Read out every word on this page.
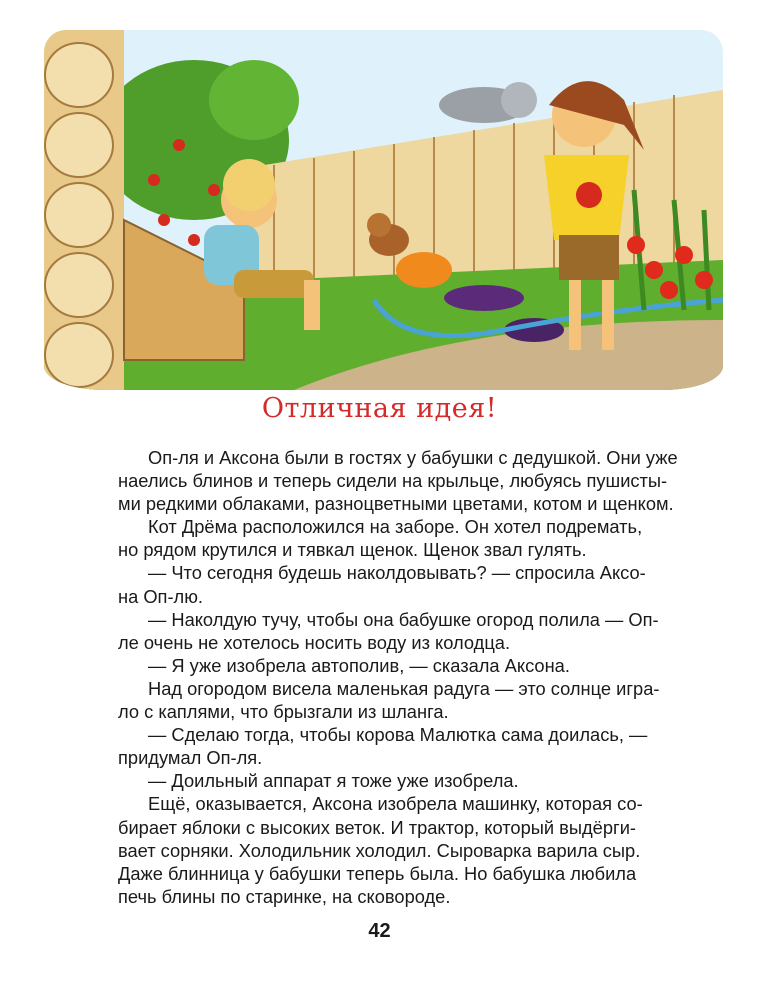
Отличная идея!

Оп-ля и Аксона были в гостях у бабушки с дедушкой. Они уже
наелись блинов и теперь сидели на крыльце, любуясь пушисты-
ми редкими облаками, разноцветными цветами, котом и щенком.

Кот Дрёма расположился на заборе. Он хотел подремать,
но рядом крутился и тявкал щенок. Щенок звал гулять.

— Что сегодня будешь наколдовывать? — спросила Аксо-
на Оп-лю.

— Наколдую тучу, чтобы она бабушке огород полила — Оп-
ле очень не хотелось носить воду из колодца.

— Я уже изобрела автополив, — сказала Аксона.

Над огородом висела маленькая радуга — это солнце игра-
ло с каплями, что брызгали из шланга.

— Сделаю тогда, чтобы корова Малютка сама доилась, —
придумал Оп-ля.

— Доильный аппарат я тоже уже изобрела.

Ещё, оказывается, Аксона изобрела машинку, которая со-
бирает яблоки с высоких веток. И трактор, который выдёрги-
вает сорняки. Холодильник холодил. Сыроварка варила сыр.
Даже блинница у бабушки теперь была. Но бабушка любила
печь блины по старинке, на сковороде.

42
